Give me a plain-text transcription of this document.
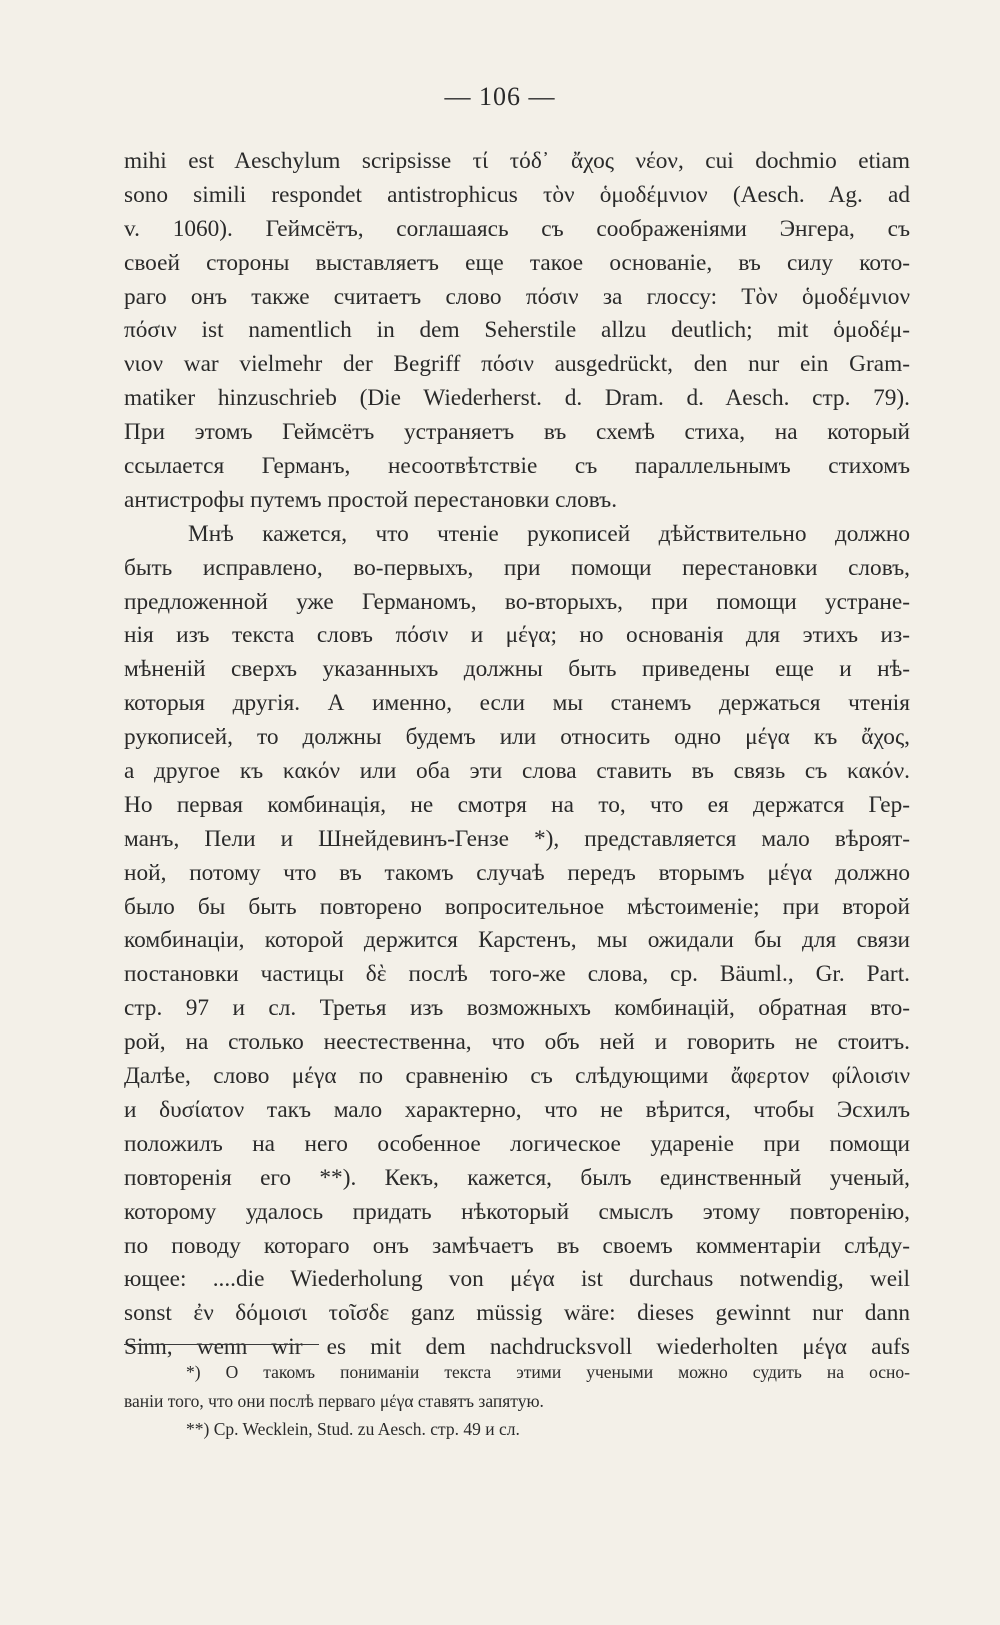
— 106 —
mihi est Aeschylum scripsisse τί τόδ᾽ ἄχος νέον, cui dochmio etiam
sono simili respondet antistrophicus τὸν ὁμοδέμνιον (Aesch. Ag. ad
v. 1060). Геймсётъ, соглашаясь съ соображеніями Энгера, съ
своей стороны выставляетъ еще такое основаніе, въ силу кото-
раго онъ также считаетъ слово πόσιν за глоссу: Τὸν ὁμοδέμνιον
πόσιν ist namentlich in dem Seherstile allzu deutlich; mit ὁμοδέμ-
νιον war vielmehr der Begriff πόσιν ausgedrückt, den nur ein Gram-
matiker hinzuschrieb (Die Wiederherst. d. Dram. d. Aesch. стр. 79).
При этомъ Геймсётъ устраняетъ въ схемѣ стиха, на который
ссылается Германъ, несоотвѣтствіе съ параллельнымъ стихомъ
антистрофы путемъ простой перестановки словъ.
Мнѣ кажется, что чтеніе рукописей дѣйствительно должно
быть исправлено, во-первыхъ, при помощи перестановки словъ,
предложенной уже Германомъ, во-вторыхъ, при помощи устране-
нія изъ текста словъ πόσιν и μέγα; но основанія для этихъ из-
мѣненій сверхъ указанныхъ должны быть приведены еще и нѣ-
которыя другія. А именно, если мы станемъ держаться чтенія
рукописей, то должны будемъ или относить одно μέγα къ ἄχος,
а другое къ κακόν или оба эти слова ставить въ связь съ κακόν.
Но первая комбинація, не смотря на то, что ея держатся Гер-
манъ, Пели и Шнейдевинъ-Гензе *), представляется мало вѣроят-
ной, потому что въ такомъ случаѣ передъ вторымъ μέγα должно
было бы быть повторено вопросительное мѣстоименіе; при второй
комбинаціи, которой держится Карстенъ, мы ожидали бы для связи
постановки частицы δὲ послѣ того-же слова, ср. Bäuml., Gr. Part.
стр. 97 и сл. Третья изъ возможныхъ комбинацій, обратная вто-
рой, на столько неестественна, что объ ней и говорить не стоитъ.
Далѣе, слово μέγα по сравненію съ слѣдующими ἄφερτον φίλοισιν
и δυσίατον такъ мало характерно, что не вѣрится, чтобы Эсхилъ
положилъ на него особенное логическое удареніе при помощи
повторенія его **). Кекъ, кажется, былъ единственный ученый,
которому удалось придать нѣкоторый смыслъ этому повторенію,
по поводу котораго онъ замѣчаетъ въ своемъ комментаріи слѣду-
ющее: ....die Wiederholung von μέγα ist durchaus notwendig, weil
sonst ἐν δόμοισι τοῖσδε ganz müssig wäre: dieses gewinnt nur dann
Sinn, wenn wir es mit dem nachdrucksvoll wiederholten μέγα aufs
*) О такомъ пониманіи текста этими учеными можно судить на осно-
ваніи того, что они послѣ перваго μέγα ставятъ запятую.
**) Cp. Wecklein, Stud. zu Aesch. стр. 49 и сл.
